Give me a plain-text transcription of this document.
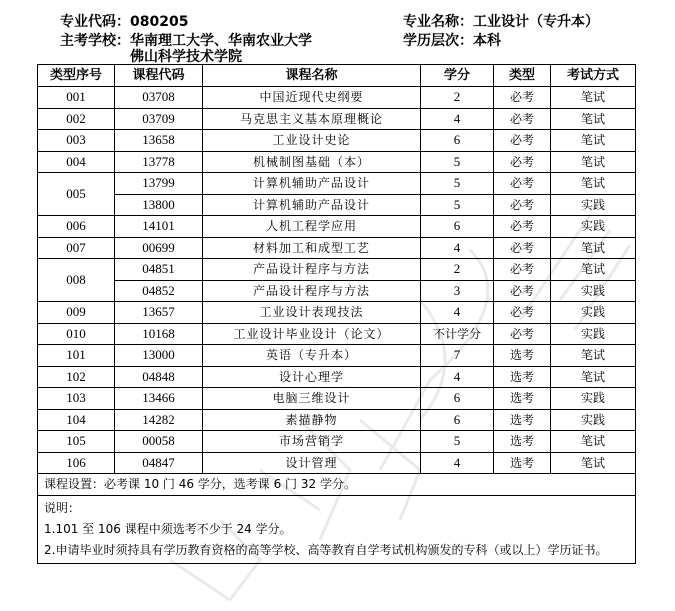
专业代码：080205
主考学校：华南理工大学、华南农业大学
佛山科学技术学院
专业名称：工业设计（专升本）
学历层次：本科
类型序号	课程代码	课程名称	学分	类型	考试方式
001	03708	中国近现代史纲要	2	必考	笔试
002	03709	马克思主义基本原理概论	4	必考	笔试
003	13658	工业设计史论	6	必考	笔试
004	13778	机械制图基础（本）	5	必考	笔试
005	13799	计算机辅助产品设计	5	必考	笔试
	13800	计算机辅助产品设计	5	必考	实践
006	14101	人机工程学应用	6	必考	实践
007	00699	材料加工和成型工艺	4	必考	笔试
008	04851	产品设计程序与方法	2	必考	笔试
	04852	产品设计程序与方法	3	必考	实践
009	13657	工业设计表现技法	4	必考	实践
010	10168	工业设计毕业设计（论文）	不计学分	必考	实践
101	13000	英语（专升本）	7	选考	笔试
102	04848	设计心理学	4	选考	笔试
103	13466	电脑三维设计	6	选考	实践
104	14282	素描静物	6	选考	实践
105	00058	市场营销学	5	选考	笔试
106	04847	设计管理	4	选考	笔试
课程设置：必考课 10 门 46 学分，选考课 6 门 32 学分。					

说明：
1.101 至 106 课程中须选考不少于 24 学分。
2.申请毕业时须持具有学历教育资格的高等学校、高等教育自学考试机构颁发的专科（或以上）学历证书。					
